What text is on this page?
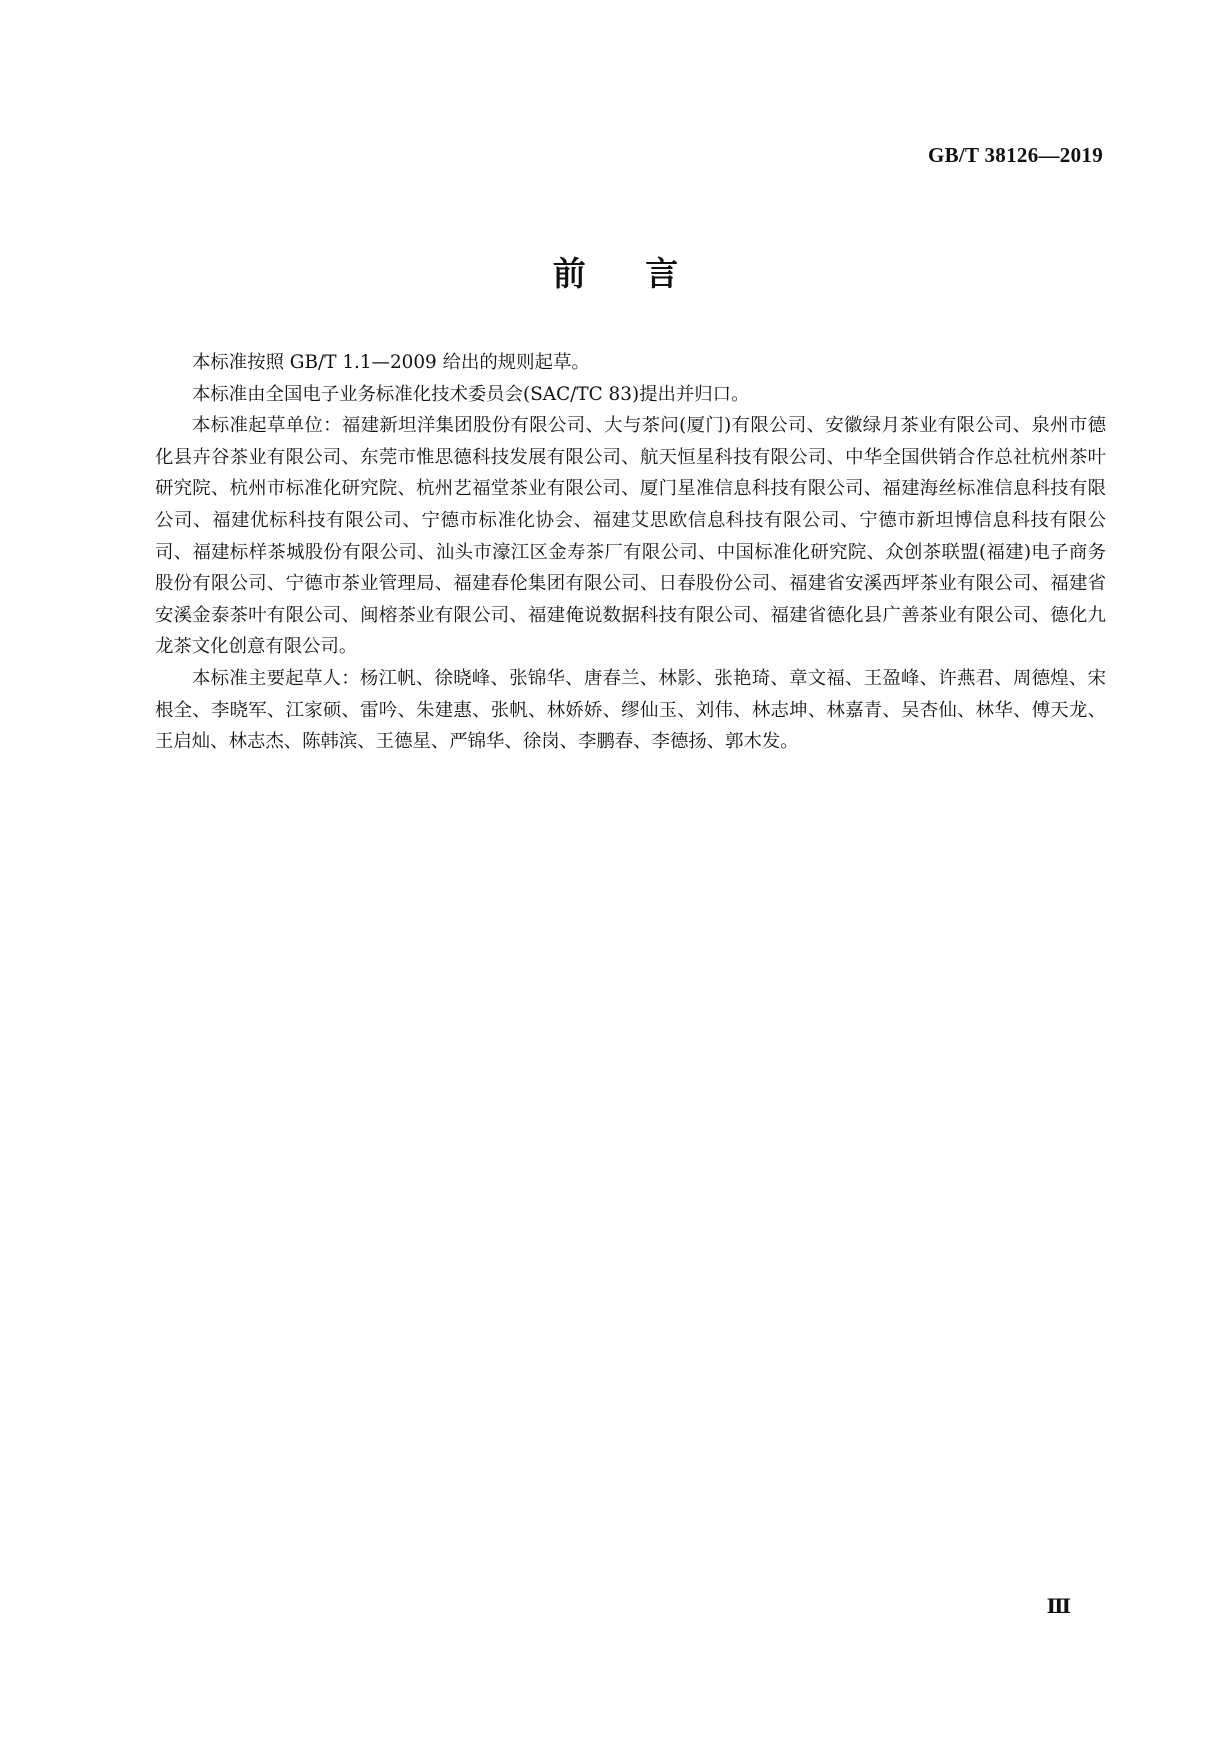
GB/T 38126—2019
前 言

本标准按照 GB/T 1.1—2009 给出的规则起草。

本标准由全国电子业务标准化技术委员会(SAC/TC 83)提出并归口。

本标准起草单位：福建新坦洋集团股份有限公司、大与茶问(厦门)有限公司、安徽绿月茶业有限公司、泉州市德化县卉谷茶业有限公司、东莞市惟思德科技发展有限公司、航天恒星科技有限公司、中华全国供销合作总社杭州茶叶研究院、杭州市标准化研究院、杭州艺福堂茶业有限公司、厦门星准信息科技有限公司、福建海丝标准信息科技有限公司、福建优标科技有限公司、宁德市标准化协会、福建艾思欧信息科技有限公司、宁德市新坦博信息科技有限公司、福建标样茶城股份有限公司、汕头市濠江区金寿茶厂有限公司、中国标准化研究院、众创茶联盟(福建)电子商务股份有限公司、宁德市茶业管理局、福建春伦集团有限公司、日春股份公司、福建省安溪西坪茶业有限公司、福建省安溪金泰茶叶有限公司、闽榕茶业有限公司、福建俺说数据科技有限公司、福建省德化县广善茶业有限公司、德化九龙茶文化创意有限公司。

本标准主要起草人：杨江帆、徐晓峰、张锦华、唐春兰、林影、张艳琦、章文福、王盈峰、许燕君、周德煌、宋根全、李晓军、江家硕、雷吟、朱建惠、张帆、林娇娇、缪仙玉、刘伟、林志坤、林嘉青、吴杏仙、林华、傅天龙、王启灿、林志杰、陈韩滨、王德星、严锦华、徐岗、李鹏春、李德扬、郭木发。

Ⅲ
